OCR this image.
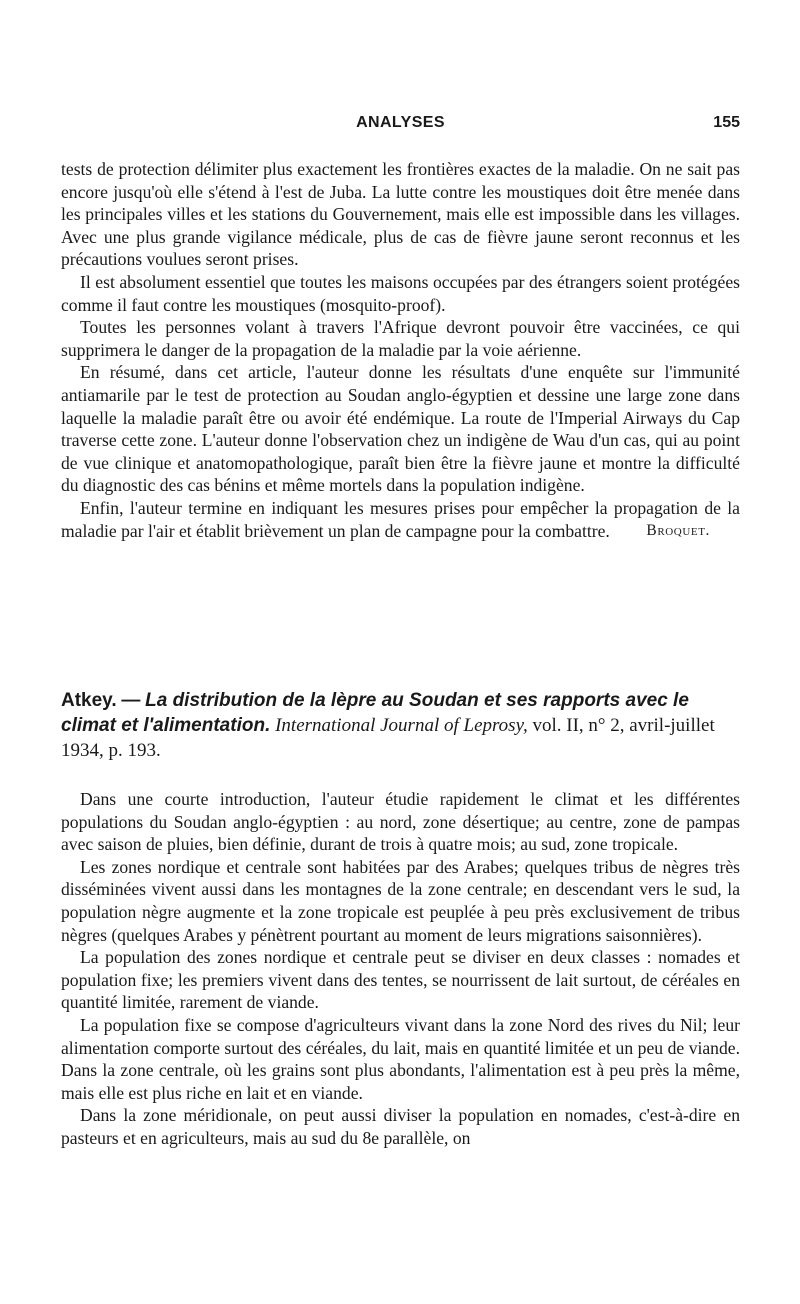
ANALYSES	155

tests de protection délimiter plus exactement les frontières exactes de la maladie. On ne sait pas encore jusqu'où elle s'étend à l'est de Juba. La lutte contre les moustiques doit être menée dans les principales villes et les stations du Gouvernement, mais elle est impossible dans les villages. Avec une plus grande vigilance médicale, plus de cas de fièvre jaune seront reconnus et les précautions voulues seront prises.

Il est absolument essentiel que toutes les maisons occupées par des étrangers soient protégées comme il faut contre les moustiques (mosquito-proof).

Toutes les personnes volant à travers l'Afrique devront pouvoir être vaccinées, ce qui supprimera le danger de la propagation de la maladie par la voie aérienne.

En résumé, dans cet article, l'auteur donne les résultats d'une enquête sur l'immunité antiamarile par le test de protection au Soudan anglo-égyptien et dessine une large zone dans laquelle la maladie paraît être ou avoir été endémique. La route de l'Imperial Airways du Cap traverse cette zone. L'auteur donne l'observation chez un indigène de Wau d'un cas, qui au point de vue clinique et anatomopathologique, paraît bien être la fièvre jaune et montre la difficulté du diagnostic des cas bénins et même mortels dans la population indigène.

Enfin, l'auteur termine en indiquant les mesures prises pour empêcher la propagation de la maladie par l'air et établit brièvement un plan de campagne pour la combattre.	Broquet.

Atkey. — La distribution de la lèpre au Soudan et ses rapports avec le climat et l'alimentation. International Journal of Leprosy, vol. II, n° 2, avril-juillet 1934, p. 193.

Dans une courte introduction, l'auteur étudie rapidement le climat et les différentes populations du Soudan anglo-égyptien : au nord, zone désertique; au centre, zone de pampas avec saison de pluies, bien définie, durant de trois à quatre mois; au sud, zone tropicale.

Les zones nordique et centrale sont habitées par des Arabes; quelques tribus de nègres très disséminées vivent aussi dans les montagnes de la zone centrale; en descendant vers le sud, la population nègre augmente et la zone tropicale est peuplée à peu près exclusivement de tribus nègres (quelques Arabes y pénètrent pourtant au moment de leurs migrations saisonnières).

La population des zones nordique et centrale peut se diviser en deux classes : nomades et population fixe; les premiers vivent dans des tentes, se nourrissent de lait surtout, de céréales en quantité limitée, rarement de viande.

La population fixe se compose d'agriculteurs vivant dans la zone Nord des rives du Nil; leur alimentation comporte surtout des céréales, du lait, mais en quantité limitée et un peu de viande. Dans la zone centrale, où les grains sont plus abondants, l'alimentation est à peu près la même, mais elle est plus riche en lait et en viande.

Dans la zone méridionale, on peut aussi diviser la population en nomades, c'est-à-dire en pasteurs et en agriculteurs, mais au sud du 8e parallèle, on
